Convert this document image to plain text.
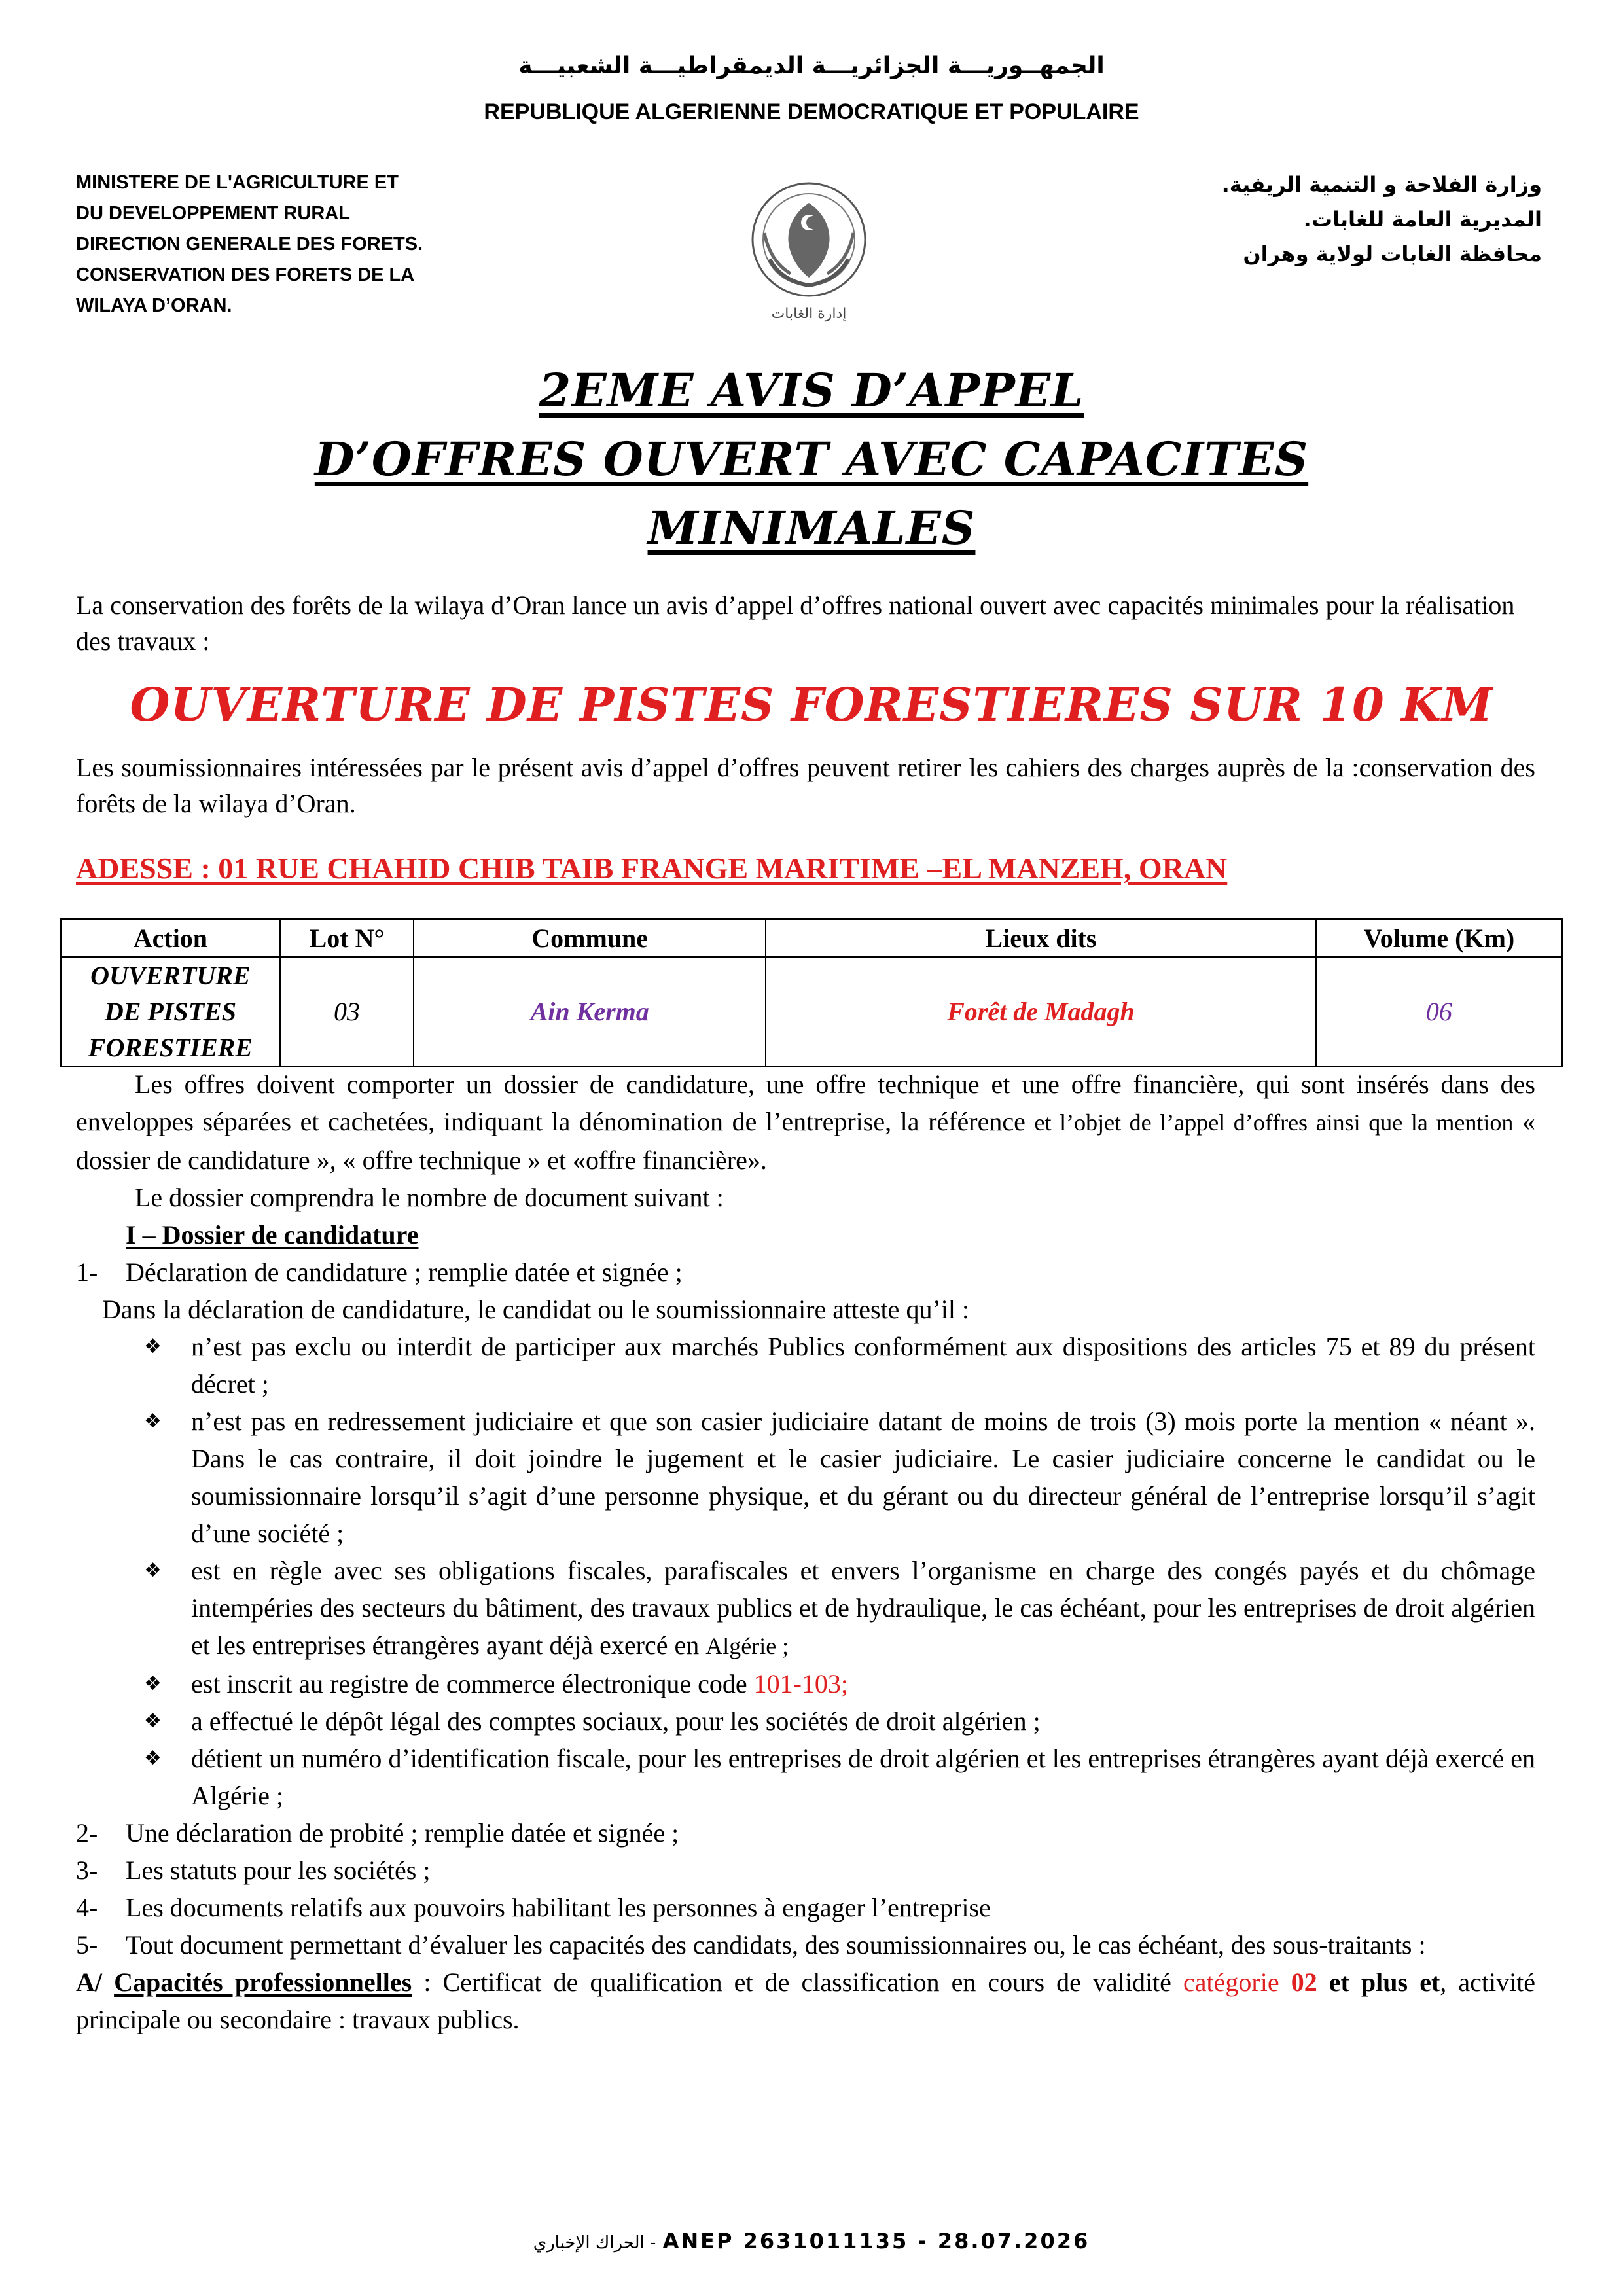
الجمهــوريـــة الجزائريـــة الديمقراطيـــة الشعبيـــة
REPUBLIQUE ALGERIENNE DEMOCRATIQUE ET POPULAIRE
MINISTERE DE L'AGRICULTURE ET
DU DEVELOPPEMENT RURAL
DIRECTION GENERALE DES FORETS.
CONSERVATION DES FORETS DE LA
WILAYA D’ORAN.	إدارة الغابات
وزارة الفلاحة و التنمية الريفية.
المديرية العامة للغابات.
محافظة الغابات لولاية وهران
2EME AVIS D’APPEL
D’OFFRES OUVERT AVEC CAPACITES
MINIMALES
La conservation des forêts de la wilaya d’Oran lance un avis d’appel d’offres national ouvert avec capacités minimales pour la réalisation des travaux :
OUVERTURE DE PISTES FORESTIERES SUR 10 KM
Les soumissionnaires intéressées par le présent avis d’appel d’offres peuvent retirer les cahiers des charges auprès de la :conservation des forêts de la wilaya d’Oran.
ADESSE : 01 RUE CHAHID CHIB TAIB FRANGE MARITIME –EL MANZEH, ORAN
Action	Lot N°	Commune	Lieux dits	Volume (Km)

OUVERTURE
DE PISTES
FORESTIERE	03	Ain Kerma	Forêt de Madagh	06

Les offres doivent comporter un dossier de candidature, une offre technique et une offre financière, qui sont insérés dans des enveloppes séparées et cachetées, indiquant la dénomination de l’entreprise, la référence et l’objet de l’appel d’offres ainsi que la mention « dossier de candidature », « offre technique » et «offre financière».

Le dossier comprendra le nombre de document suivant :

I – Dossier de candidature

1-	Déclaration de candidature ; remplie datée et signée ;

Dans la déclaration de candidature, le candidat ou le soumissionnaire atteste qu’il :

❖	n’est pas exclu ou interdit de participer aux marchés Publics conformément aux dispositions des articles 75 et 89 du présent décret ;
❖	n’est pas en redressement judiciaire et que son casier judiciaire datant de moins de trois (3) mois porte la mention « néant ». Dans le cas contraire, il doit joindre le jugement et le casier judiciaire. Le casier judiciaire concerne le candidat ou le soumissionnaire lorsqu’il s’agit d’une personne physique, et du gérant ou du directeur général de l’entreprise lorsqu’il s’agit d’une société ;
❖	est en règle avec ses obligations fiscales, parafiscales et envers l’organisme en charge des congés payés et du chômage intempéries des secteurs du bâtiment, des travaux publics et de hydraulique, le cas échéant, pour les entreprises de droit algérien et les entreprises étrangères ayant déjà exercé en Algérie ;
❖	est inscrit au registre de commerce électronique code 101-103;
❖	a effectué le dépôt légal des comptes sociaux, pour les sociétés de droit algérien ;
❖	détient un numéro d’identification fiscale, pour les entreprises de droit algérien et les entreprises étrangères ayant déjà exercé en Algérie ;
2-	Une déclaration de probité ; remplie datée et signée ;
3-	Les statuts pour les sociétés ;
4-	Les documents relatifs aux pouvoirs habilitant les personnes à engager l’entreprise
5-	Tout document permettant d’évaluer les capacités des candidats, des soumissionnaires ou, le cas échéant, des sous-traitants :

A/ Capacités professionnelles : Certificat de qualification et de classification en cours de validité catégorie 02 et plus et, activité principale ou secondaire : travaux publics.

الحراك الإخباري - ANEP 2631011135 - 28.07.2026
